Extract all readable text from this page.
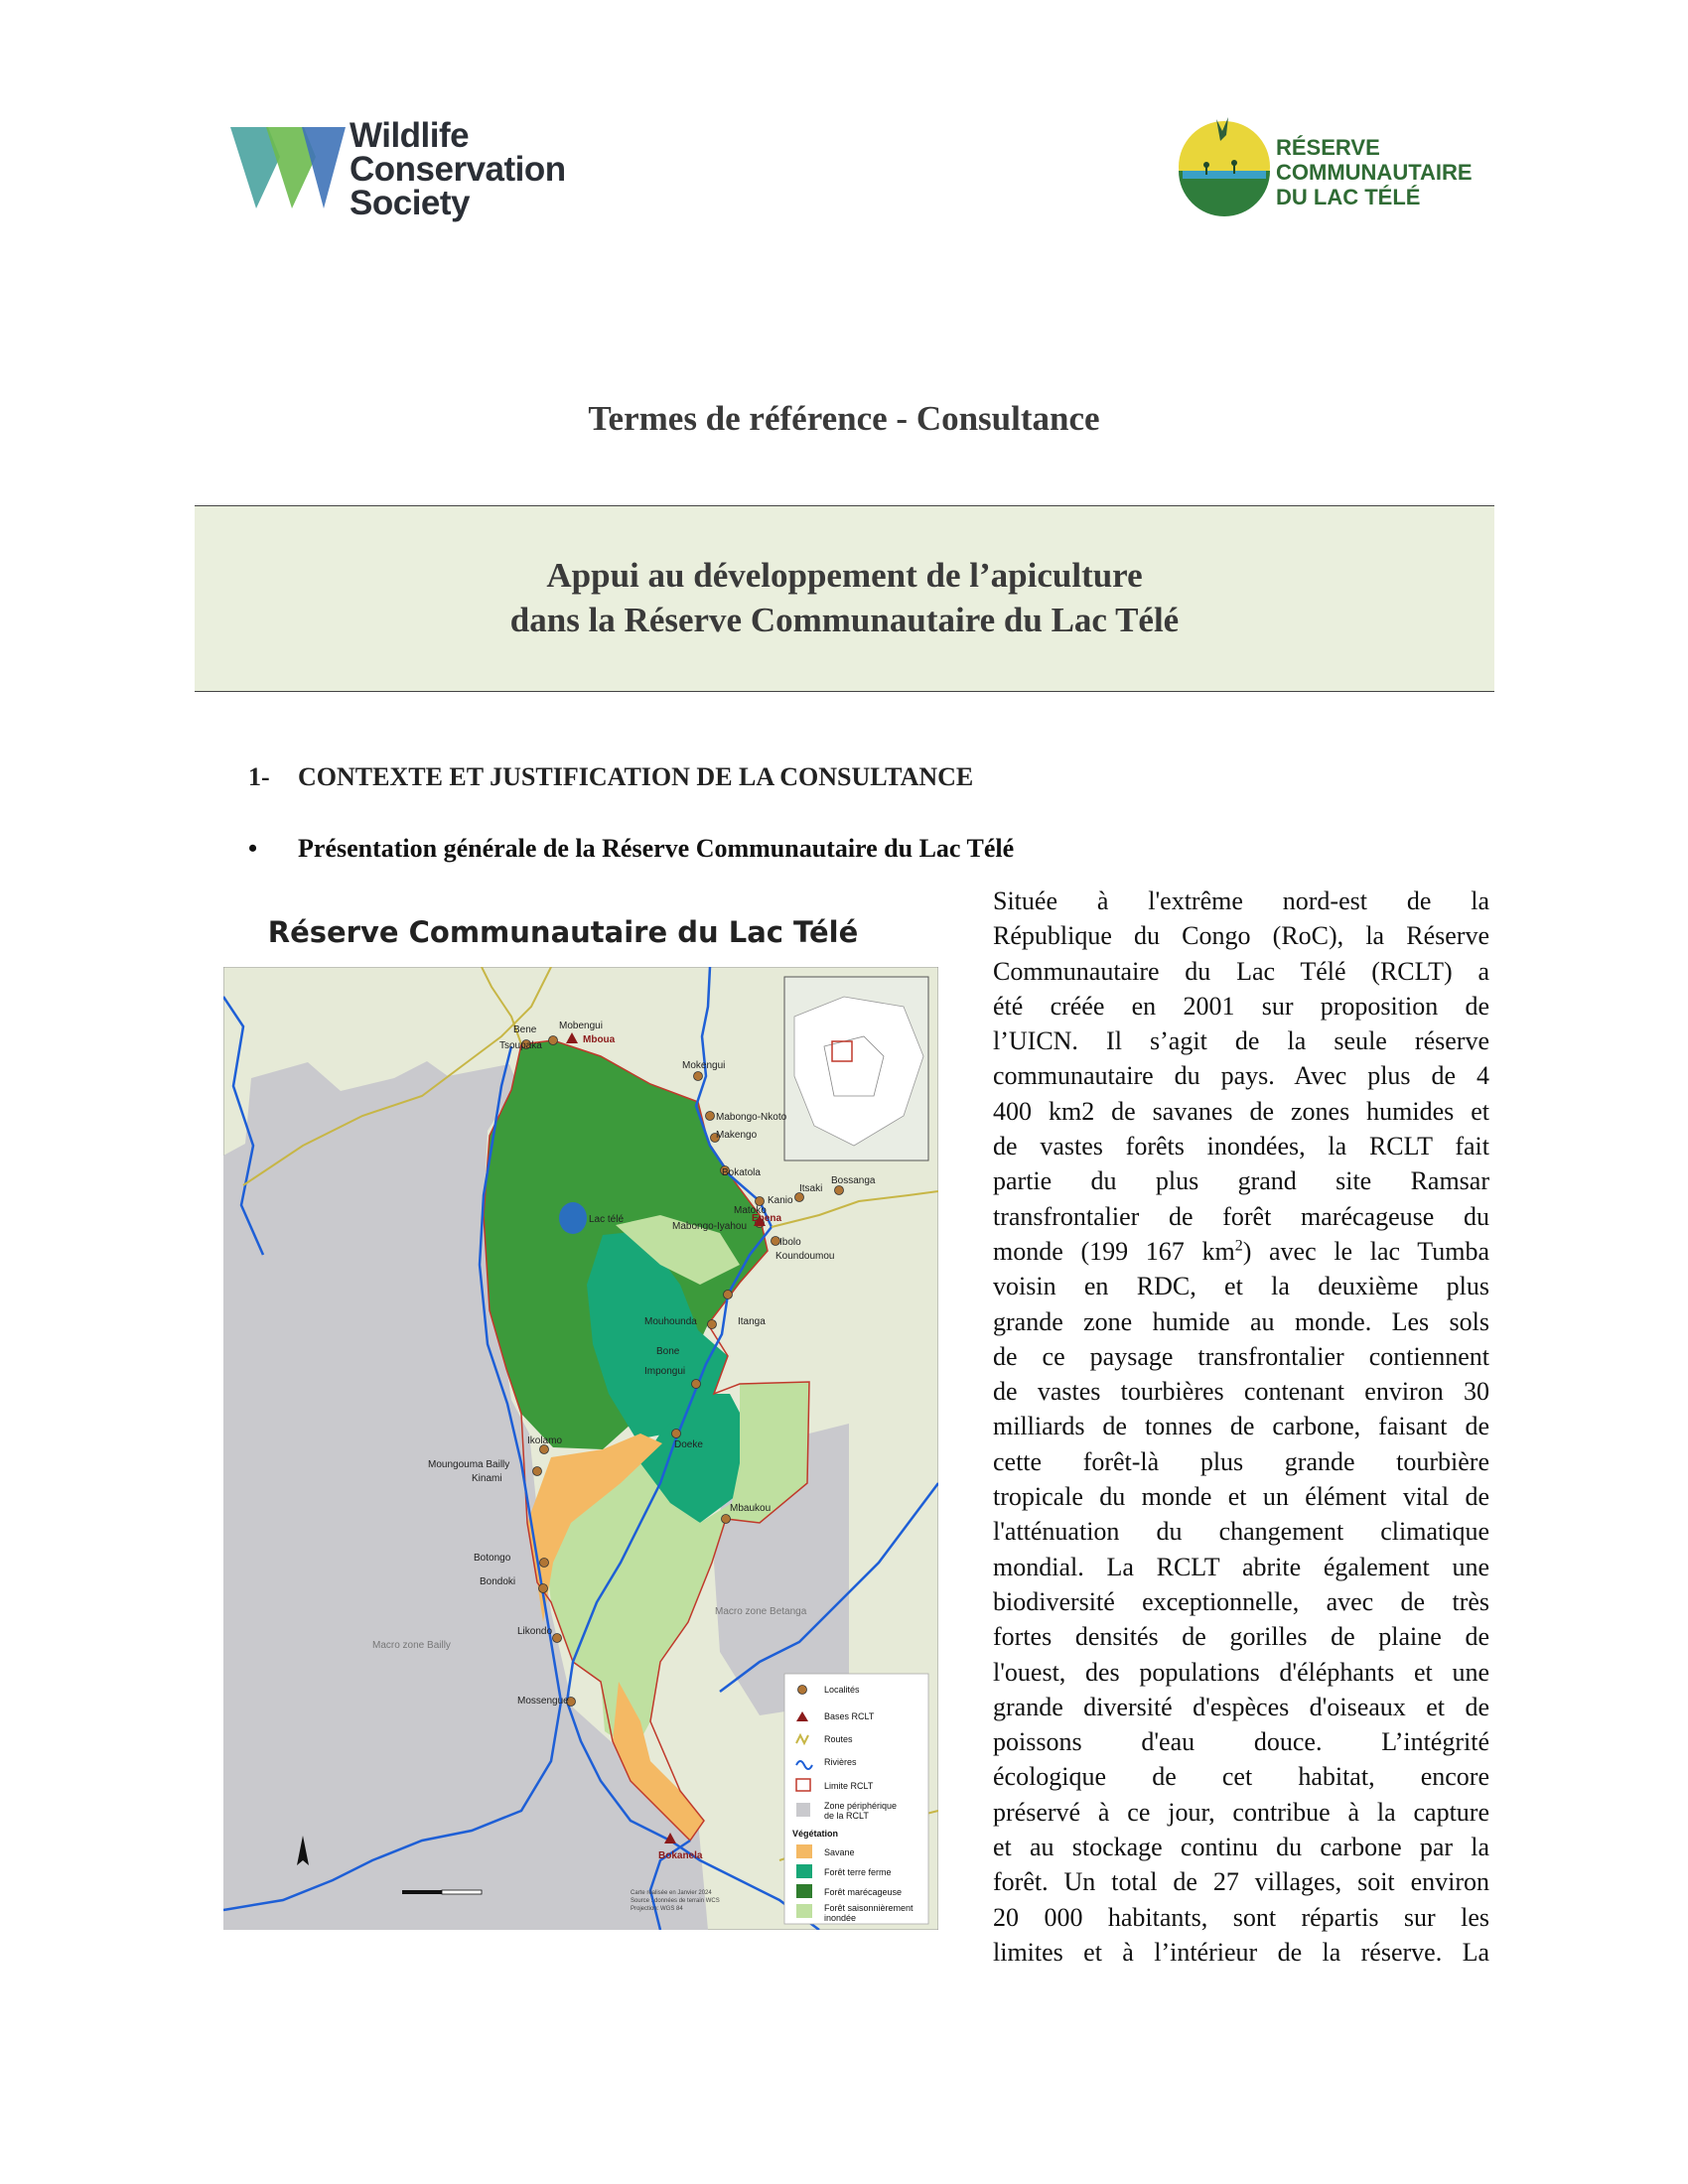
Wildlife
Conservation
Society
RÉSERVE
COMMUNAUTAIRE
DU LAC TÉLÉ
Termes de référence - Consultance
Appui au développement de l’apiculture
dans la Réserve Communautaire du Lac Télé
1- CONTEXTE ET JUSTIFICATION DE LA CONSULTANCE
• Présentation générale de la Réserve Communautaire du Lac Télé
Réserve Communautaire du Lac Télé
Bene
Tsoupaka
Mobengui
Mboua
Mokengui
Mabongo-Nkoto
Makengo
Bokatola
Kanio
Itsaki
Bossanga
Matoko
Mabongo-Iyahou
Epena
Ibolo
Koundoumou
Lac télé
Mouhounda	Itanga
Bone
Impongui
Ikolamo	Doeke
Moungouma Bailly
Kinami
Mbaukou
Botongo
Bondoki
Likondo
Macro zone Bailly
Macro zone Betanga
Mossengue
Bokanela
Localités
Bases RCLT
Routes
Rivières
Limite RCLT
Zone périphérique
de la RCLT
Végétation
Savane
Forêt terre ferme
Forêt marécageuse
Forêt saisonnièrement
inondée
Carte réalisée en Janvier 2024
Source : données de terrain WCS
Projection: WGS 84
Située à l'extrême nord-est de la
République du Congo (RoC), la Réserve
Communautaire du Lac Télé (RCLT) a
été créée en 2001 sur proposition de
l’UICN. Il s’agit de la seule réserve
communautaire du pays. Avec plus de 4
400 km2 de savanes de zones humides et
de vastes forêts inondées, la RCLT fait
partie du plus grand site Ramsar
transfrontalier de forêt marécageuse du
monde (199 167 $km^2$) avec le lac Tumba
voisin en RDC, et la deuxième plus
grande zone humide au monde. Les sols
de ce paysage transfrontalier contiennent
de vastes tourbières contenant environ 30
milliards de tonnes de carbone, faisant de
cette forêt-là plus grande tourbière
tropicale du monde et un élément vital de
l'atténuation du changement climatique
mondial. La RCLT abrite également une
biodiversité exceptionnelle, avec de très
fortes densités de gorilles de plaine de
l'ouest, des populations d'éléphants et une
grande diversité d'espèces d'oiseaux et de
poissons d'eau douce. L’intégrité
écologique de cet habitat, encore
préservé à ce jour, contribue à la capture
et au stockage continu du carbone par la
forêt. Un total de 27 villages, soit environ
20 000 habitants, sont répartis sur les
limites et à l’intérieur de la réserve. La
